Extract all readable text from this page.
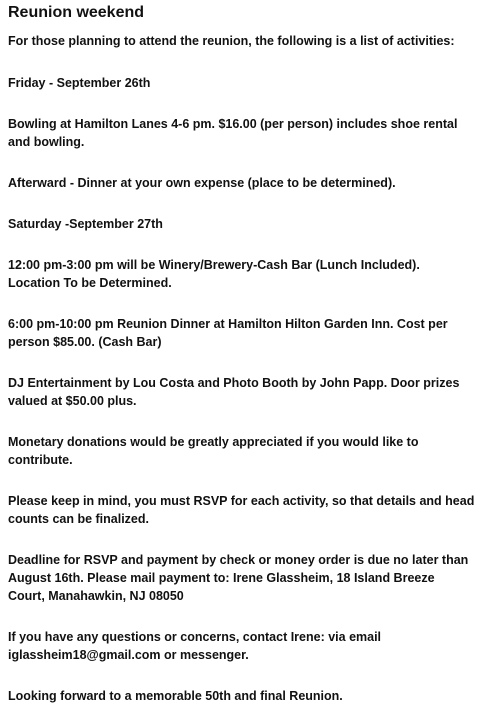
Reunion weekend

For those planning to attend the reunion, the following is a list of activities:

Friday - September 26th

Bowling at Hamilton Lanes 4-6 pm. $16.00 (per person) includes shoe rental
and bowling.

Afterward - Dinner at your own expense (place to be determined).

Saturday -September 27th

12:00 pm-3:00 pm will be Winery/Brewery-Cash Bar (Lunch Included).
Location To be Determined.

6:00 pm-10:00 pm Reunion Dinner at Hamilton Hilton Garden Inn. Cost per
person $85.00. (Cash Bar)

DJ Entertainment by Lou Costa and Photo Booth by John Papp. Door prizes
valued at $50.00 plus.

Monetary donations would be greatly appreciated if you would like to
contribute.

Please keep in mind, you must RSVP for each activity, so that details and head
counts can be finalized.

Deadline for RSVP and payment by check or money order is due no later than
August 16th. Please mail payment to: Irene Glassheim, 18 Island Breeze
Court, Manahawkin, NJ 08050

If you have any questions or concerns, contact Irene: via email
iglassheim18@gmail.com or messenger.

Looking forward to a memorable 50th and final Reunion.
